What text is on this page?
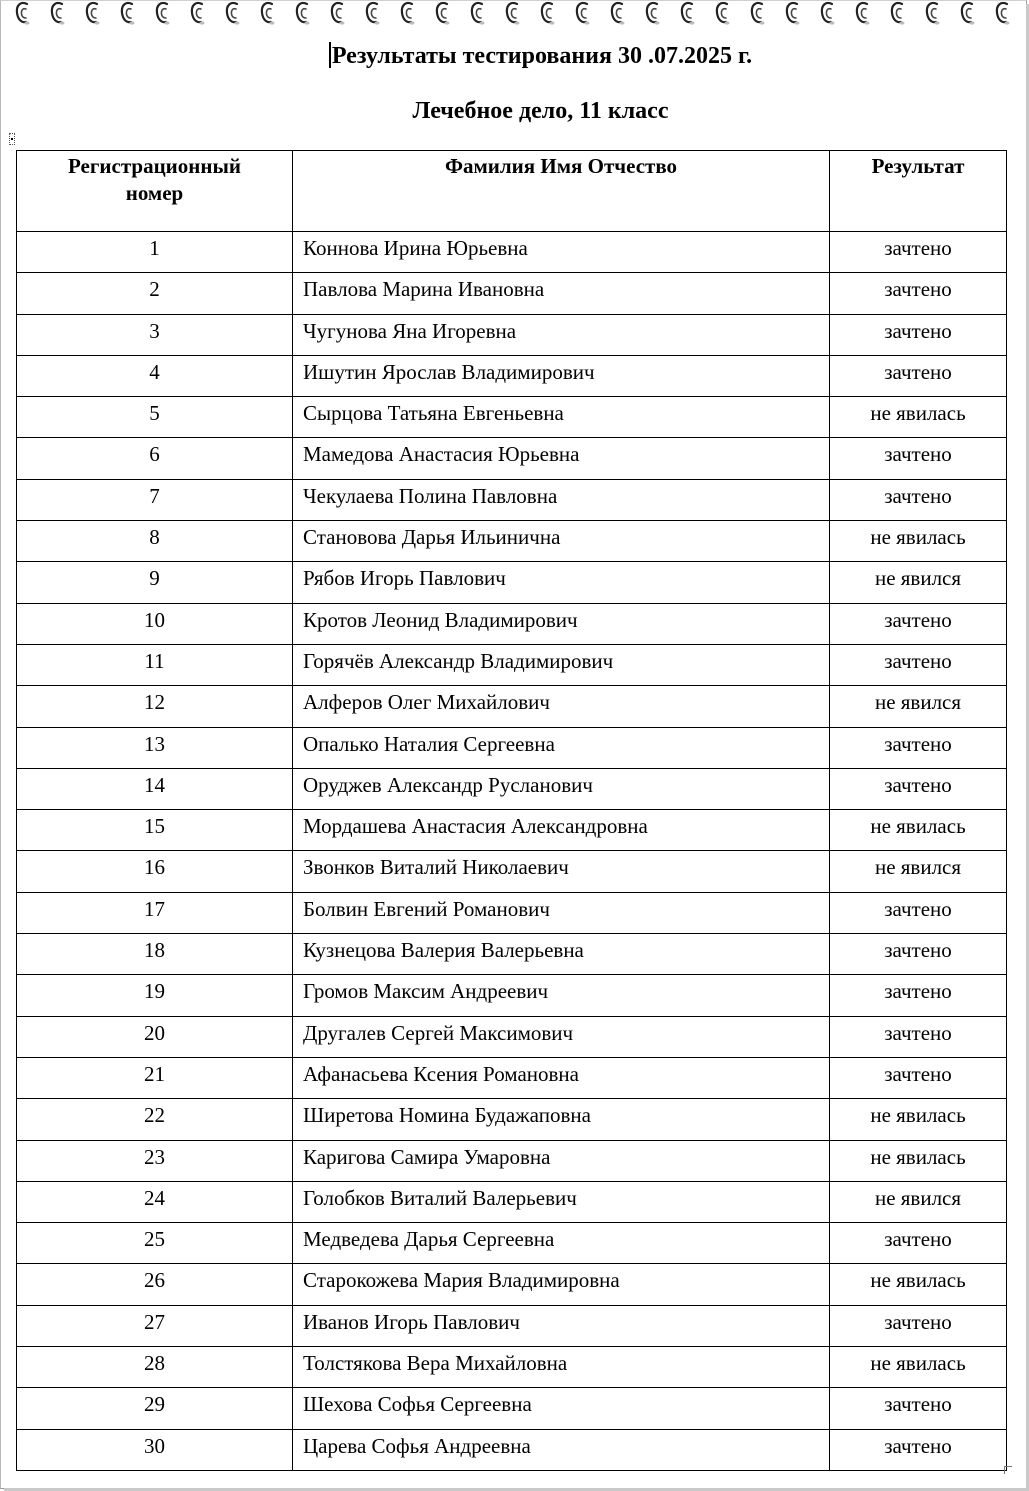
Результаты тестирования 30 .07.2025 г.
Лечебное дело, 11 класс
Регистрационный
номер	Фамилия Имя Отчество	Результат
1	Коннова Ирина Юрьевна	зачтено
2	Павлова Марина Ивановна	зачтено
3	Чугунова Яна Игоревна	зачтено
4	Ишутин Ярослав Владимирович	зачтено
5	Сырцова Татьяна Евгеньевна	не явилась
6	Мамедова Анастасия Юрьевна	зачтено
7	Чекулаева Полина Павловна	зачтено
8	Становова Дарья Ильинична	не явилась
9	Рябов Игорь Павлович	не явился
10	Кротов Леонид Владимирович	зачтено
11	Горячёв Александр Владимирович	зачтено
12	Алферов Олег Михайлович	не явился
13	Опалько Наталия Сергеевна	зачтено
14	Оруджев Александр Русланович	зачтено
15	Мордашева Анастасия Александровна	не явилась
16	Звонков Виталий Николаевич	не явился
17	Болвин Евгений Романович	зачтено
18	Кузнецова Валерия Валерьевна	зачтено
19	Громов Максим Андреевич	зачтено
20	Другалев Сергей Максимович	зачтено
21	Афанасьева Ксения Романовна	зачтено
22	Ширетова Номина Будажаповна	не явилась
23	Каригова Самира Умаровна	не явилась
24	Голобков Виталий Валерьевич	не явился
25	Медведева Дарья Сергеевна	зачтено
26	Старокожева Мария Владимировна	не явилась
27	Иванов Игорь Павлович	зачтено
28	Толстякова Вера Михайловна	не явилась
29	Шехова Софья Сергеевна	зачтено
30	Царева Софья Андреевна	зачтено
